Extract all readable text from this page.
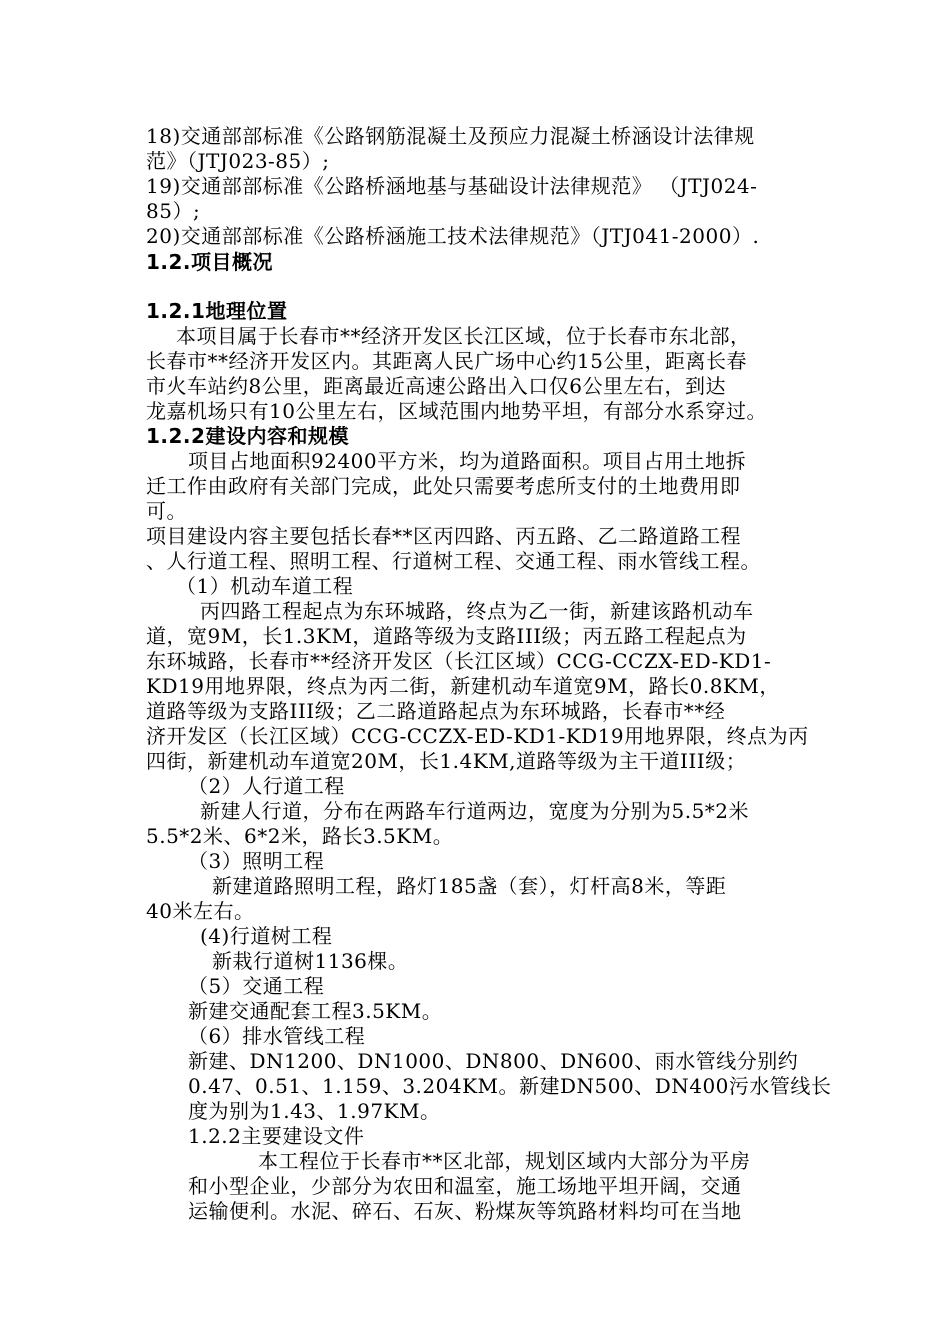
18)交通部部标准《公路钢筋混凝土及预应力混凝土桥涵设计法律规
范》（JTJ023-85）;
19)交通部部标准《公路桥涵地基与基础设计法律规范》 （JTJ024-
85）;
20)交通部部标准《公路桥涵施工技术法律规范》（JTJ041-2000）.
1.2.项目概况
1.2.1地理位置
本项目属于长春市**经济开发区长江区域，位于长春市东北部，
长春市**经济开发区内。其距离人民广场中心约15公里，距离长春
市火车站约8公里，距离最近高速公路出入口仅6公里左右，到达
龙嘉机场只有10公里左右，区域范围内地势平坦，有部分水系穿过。
1.2.2建设内容和规模
项目占地面积92400平方米，均为道路面积。项目占用土地拆
迁工作由政府有关部门完成，此处只需要考虑所支付的土地费用即
可。
项目建设内容主要包括长春**区丙四路、丙五路、乙二路道路工程
、人行道工程、照明工程、行道树工程、交通工程、雨水管线工程。
（1）机动车道工程
丙四路工程起点为东环城路，终点为乙一街，新建该路机动车
道，宽9M，长1.3KM，道路等级为支路III级；丙五路工程起点为
东环城路，长春市**经济开发区（长江区域）CCG-CCZX-ED-KD1-
KD19用地界限，终点为丙二街，新建机动车道宽9M，路长0.8KM，
道路等级为支路III级；乙二路道路起点为东环城路，长春市**经
济开发区（长江区域）CCG-CCZX-ED-KD1-KD19用地界限，终点为丙
四街，新建机动车道宽20M，长1.4KM,道路等级为主干道III级；
（2）人行道工程
新建人行道，分布在两路车行道两边，宽度为分别为5.5*2米
5.5*2米、6*2米，路长3.5KM。
（3）照明工程
新建道路照明工程，路灯185盏（套），灯杆高8米，等距
40米左右。
(4)行道树工程
新栽行道树1136棵。
（5）交通工程
新建交通配套工程3.5KM。
（6）排水管线工程
新建、DN1200、DN1000、DN800、DN600、雨水管线分别约
0.47、0.51、1.159、3.204KM。新建DN500、DN400污水管线长
度为别为1.43、1.97KM。
1.2.2主要建设文件
本工程位于长春市**区北部，规划区域内大部分为平房
和小型企业，少部分为农田和温室，施工场地平坦开阔，交通
运输便利。水泥、碎石、石灰、粉煤灰等筑路材料均可在当地
